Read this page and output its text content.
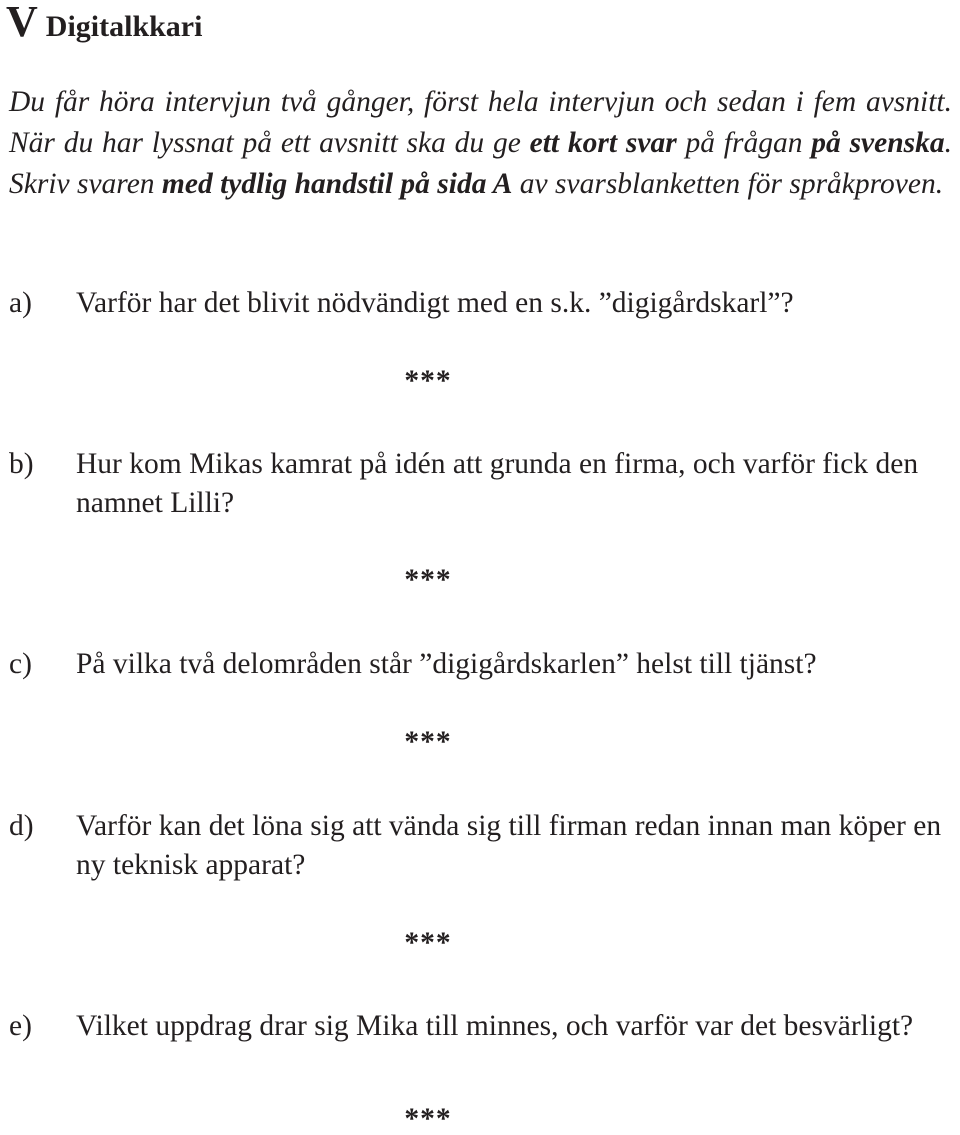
V Digitalkkari

Du får höra intervjun två gånger, först hela intervjun och sedan i fem avsnitt. När du har lyssnat på ett avsnitt ska du ge ett kort svar på frågan på svenska. Skriv svaren med tydlig handstil på sida A av svarsblanketten för språkproven.

a) Varför har det blivit nödvändigt med en s.k. ”digigårdskarl”?
***
b) Hur kom Mikas kamrat på idén att grunda en firma, och varför fick den namnet Lilli?
***
c) På vilka två delområden står ”digigårdskarlen” helst till tjänst?
***
d) Varför kan det löna sig att vända sig till firman redan innan man köper en ny teknisk apparat?
***
e) Vilket uppdrag drar sig Mika till minnes, och varför var det besvärligt?
***
